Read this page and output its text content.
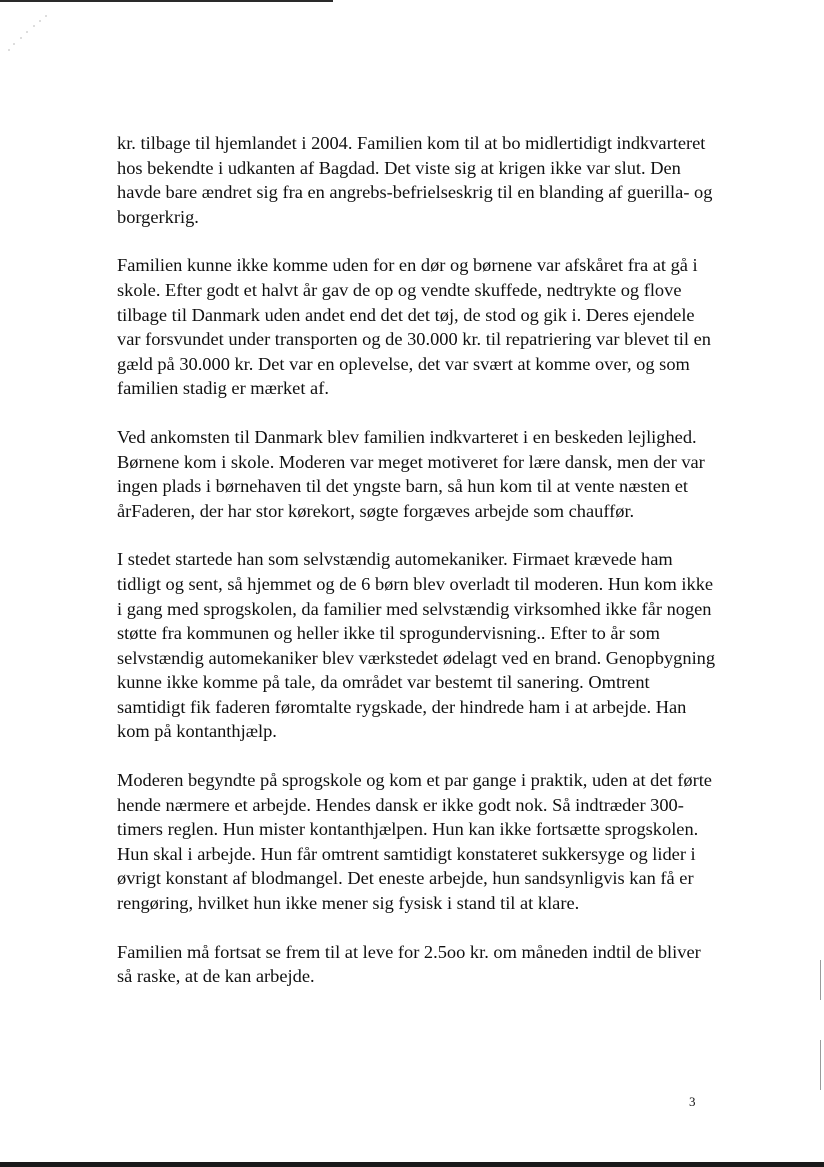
kr. tilbage til hjemlandet i 2004. Familien kom til at bo midlertidigt indkvarteret hos bekendte i udkanten af Bagdad. Det viste sig at krigen ikke var slut. Den havde bare ændret sig fra en angrebs-befrielseskrig til en blanding af guerilla- og borgerkrig.

Familien kunne ikke komme uden for en dør og børnene var afskåret fra at gå i skole. Efter godt et halvt år gav de op og vendte skuffede, nedtrykte og flove tilbage til Danmark uden andet end det det tøj, de stod og gik i. Deres ejendele var forsvundet under transporten og de 30.000 kr. til repatriering var blevet til en gæld på 30.000 kr. Det var en oplevelse, det var svært at komme over, og som familien stadig er mærket af.

Ved ankomsten til Danmark blev familien indkvarteret i en beskeden lejlighed. Børnene kom i skole. Moderen var meget motiveret for lære dansk, men der var ingen plads i børnehaven til det yngste barn, så hun kom til at vente næsten et årFaderen, der har stor kørekort, søgte forgæves arbejde som chauffør.

I stedet startede han som selvstændig automekaniker. Firmaet krævede ham tidligt og sent, så hjemmet og de 6 børn blev overladt til moderen. Hun kom ikke i gang med sprogskolen, da familier med selvstændig virksomhed ikke får nogen støtte fra kommunen og heller ikke til sprogundervisning.. Efter to år som selvstændig automekaniker blev værkstedet ødelagt ved en brand. Genopbygning kunne ikke komme på tale, da området var bestemt til sanering. Omtrent samtidigt fik faderen føromtalte rygskade, der hindrede ham i at arbejde. Han kom på kontanthjælp.

Moderen begyndte på sprogskole og kom et par gange i praktik, uden at det førte hende nærmere et arbejde. Hendes dansk er ikke godt nok. Så indtræder 300-timers reglen. Hun mister kontanthjælpen. Hun kan ikke fortsætte sprogskolen. Hun skal i arbejde. Hun får omtrent samtidigt konstateret sukkersyge og lider i øvrigt konstant af blodmangel. Det eneste arbejde, hun sandsynligvis kan få er rengøring, hvilket hun ikke mener sig fysisk i stand til at klare.

Familien må fortsat se frem til at leve for 2.5oo kr. om måneden indtil de bliver så raske, at de kan arbejde.

3
